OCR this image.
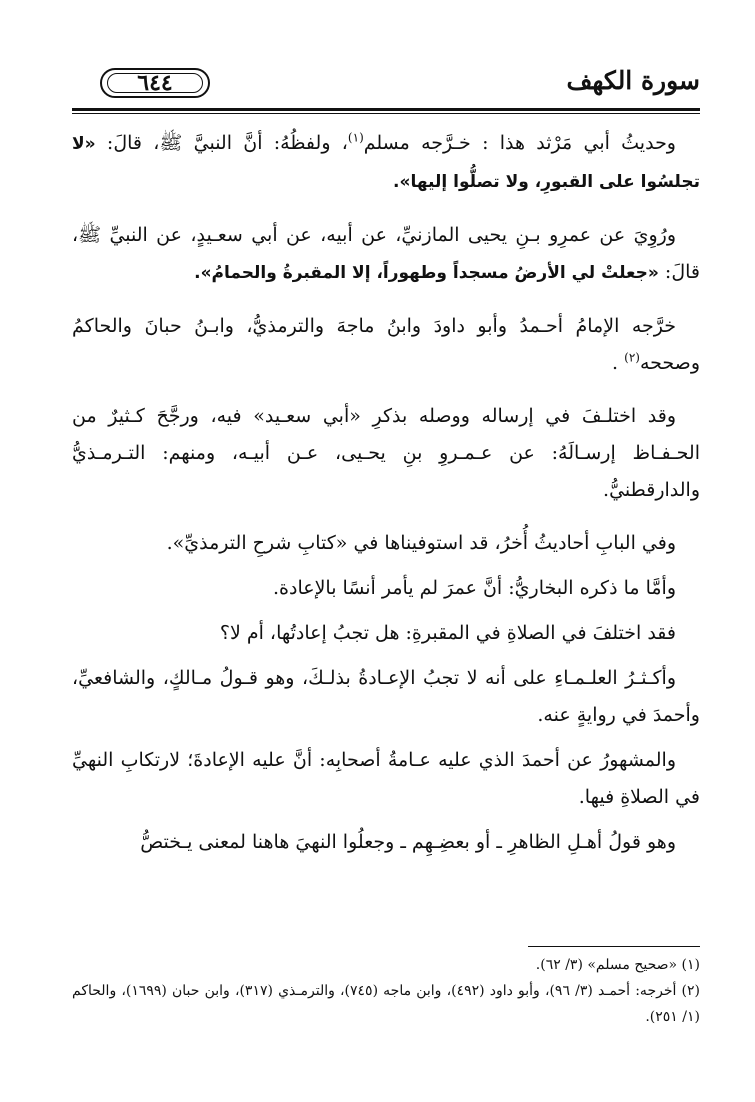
٦٤٤	سورة الكهف

وحديثُ أبي مَرْثد هذا : خـرَّجه مسلم$^{(١)}$، ولفظُهُ: أنَّ النبيَّ ﷺ، قالَ: «لا تجلسُوا على القبورِ، ولا تصلُّوا إليها».

ورُوِيَ عن عمرِو بـنِ يحيى المازنيِّ، عن أبيه، عن أبي سعـيدٍ، عن النبيِّ ﷺ، قالَ: «جعلتْ لي الأرضُ مسجداً وطهوراً، إلا المقبرةُ والحمامُ».

خرَّجه الإمامُ أحـمدُ وأبو داودَ وابنُ ماجهَ والترمذيُّ، وابـنُ حبانَ والحاكمُ وصححه$^{(٢)}$ .

وقد اختلـفَ في إرساله ووصله بذكرِ «أبي سعـيد» فيه، ورجَّحَ كـثيرٌ من الحـفـاظ إرسـالَهُ: عن عـمـروِ بنِ يحـيى، عـن أبيـه، ومنهم: التـرمـذيُّ والدارقطنيُّ.

وفي البابِ أحاديثُ أُخرُ، قد استوفيناها في «كتابِ شرحِ الترمذيِّ».

وأمَّا ما ذكره البخاريُّ: أنَّ عمرَ لم يأمر أنسًا بالإعادة.

فقد اختلفَ في الصلاةِ في المقبرةِ: هل تجبُ إعادتُها، أم لا؟

وأكـثـرُ العلـمـاءِ على أنه لا تجبُ الإعـادةُ بذلـكَ، وهو قـولُ مـالكٍ، والشافعيِّ، وأحمدَ في روايةٍ عنه.

والمشهورُ عن أحمدَ الذي عليه عـامةُ أصحابِه: أنَّ عليه الإعادةَ؛ لارتكابِ النهيِّ في الصلاةِ فيها.

وهو قولُ أهـلِ الظاهرِ ـ أو بعضِـهِم ـ وجعلُوا النهيَ هاهنا لمعنى يـختصُّ

(١) «صحيح مسلم» (٣/ ٦٢).

(٢) أخرجه: أحمـد (٣/ ٩٦)، وأبو داود (٤٩٢)، وابن ماجه (٧٤٥)، والترمـذي (٣١٧)، وابن حبان (١٦٩٩)، والحاكم (١/ ٢٥١).
